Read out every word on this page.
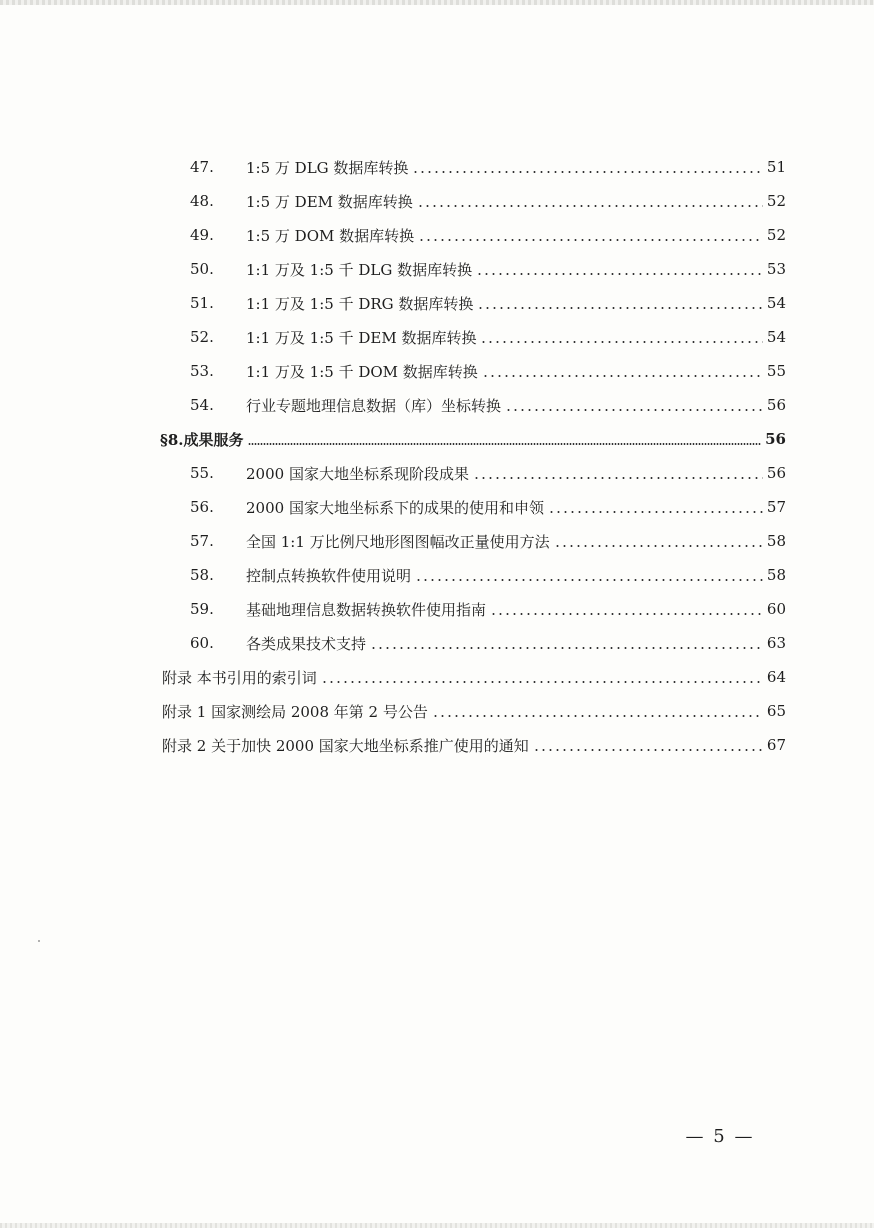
47.	1:5 万 DLG 数据库转换	51
48.	1:5 万 DEM 数据库转换	52
49.	1:5 万 DOM 数据库转换	52
50.	1:1 万及 1:5 千 DLG 数据库转换	53
51.	1:1 万及 1:5 千 DRG 数据库转换	54
52.	1:1 万及 1:5 千 DEM 数据库转换	54
53.	1:1 万及 1:5 千 DOM 数据库转换	55
54.	行业专题地理信息数据（库）坐标转换	56
§8.成果服务	56
55.	2000 国家大地坐标系现阶段成果	56
56.	2000 国家大地坐标系下的成果的使用和申领	57
57.	全国 1:1 万比例尺地形图图幅改正量使用方法	58
58.	控制点转换软件使用说明	58
59.	基础地理信息数据转换软件使用指南	60
60.	各类成果技术支持	63
附录 本书引用的索引词	64
附录 1 国家测绘局 2008 年第 2 号公告	65
附录 2 关于加快 2000 国家大地坐标系推广使用的通知	67
— 5 —
